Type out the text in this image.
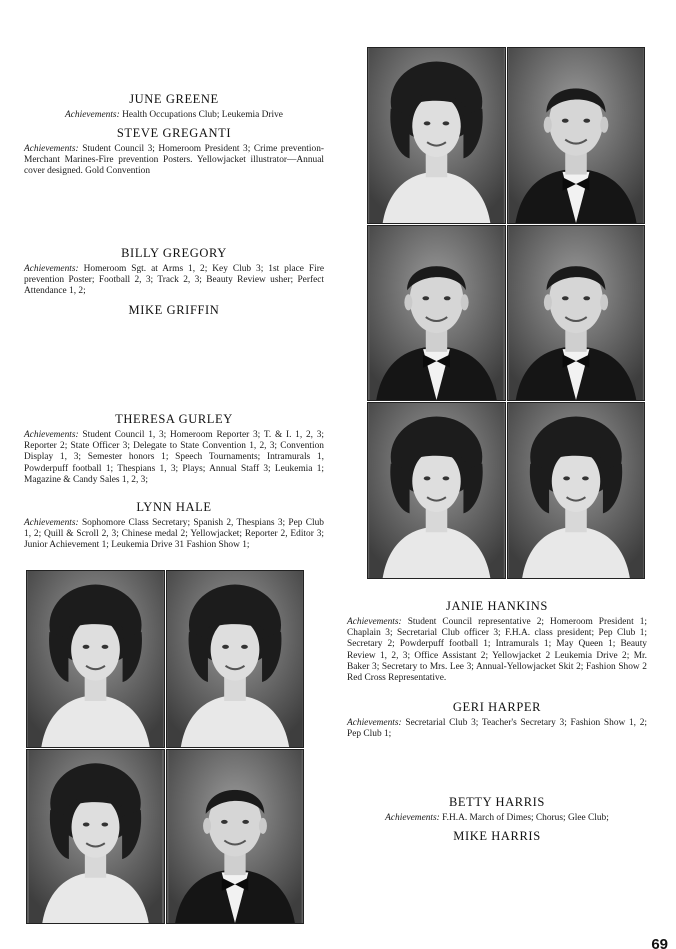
JUNE GREENE

Achievements: Health Occupations Club; Leukemia Drive

STEVE GREGANTI

Achievements: Student Council 3; Homeroom President 3; Crime prevention-Merchant Marines-Fire prevention Posters. Yellowjacket illustrator—Annual cover designed. Gold Convention

BILLY GREGORY

Achievements: Homeroom Sgt. at Arms 1, 2; Key Club 3; 1st place Fire prevention Poster; Football 2, 3; Track 2, 3; Beauty Review usher; Perfect Attendance 1, 2;

MIKE GRIFFIN

THERESA GURLEY

Achievements: Student Council 1, 3; Homeroom Reporter 3; T. & I. 1, 2, 3; Reporter 2; State Officer 3; Delegate to State Convention 1, 2, 3; Convention Display 1, 3; Semester honors 1; Speech Tournaments; Intramurals 1, Powderpuff football 1; Thespians 1, 3; Plays; Annual Staff 3; Leukemia 1; Magazine & Candy Sales 1, 2, 3;

LYNN HALE

Achievements: Sophomore Class Secretary; Spanish 2, Thespians 3; Pep Club 1, 2; Quill & Scroll 2, 3; Chinese medal 2; Yellowjacket; Reporter 2, Editor 3; Junior Achievement 1; Leukemia Drive 31 Fashion Show 1;

JANIE HANKINS

Achievements: Student Council representative 2; Homeroom President 1; Chaplain 3; Secretarial Club officer 3; F.H.A. class president; Pep Club 1; Secretary 2; Powderpuff football 1; Intramurals 1; May Queen 1; Beauty Review 1, 2, 3; Office Assistant 2; Yellowjacket 2 Leukemia Drive 2; Mr. Baker 3; Secretary to Mrs. Lee 3; Annual-Yellowjacket Skit 2; Fashion Show 2 Red Cross Representative.

GERI HARPER

Achievements: Secretarial Club 3; Teacher's Secretary 3; Fashion Show 1, 2; Pep Club 1;

BETTY HARRIS

Achievements: F.H.A. March of Dimes; Chorus; Glee Club;

MIKE HARRIS

69
